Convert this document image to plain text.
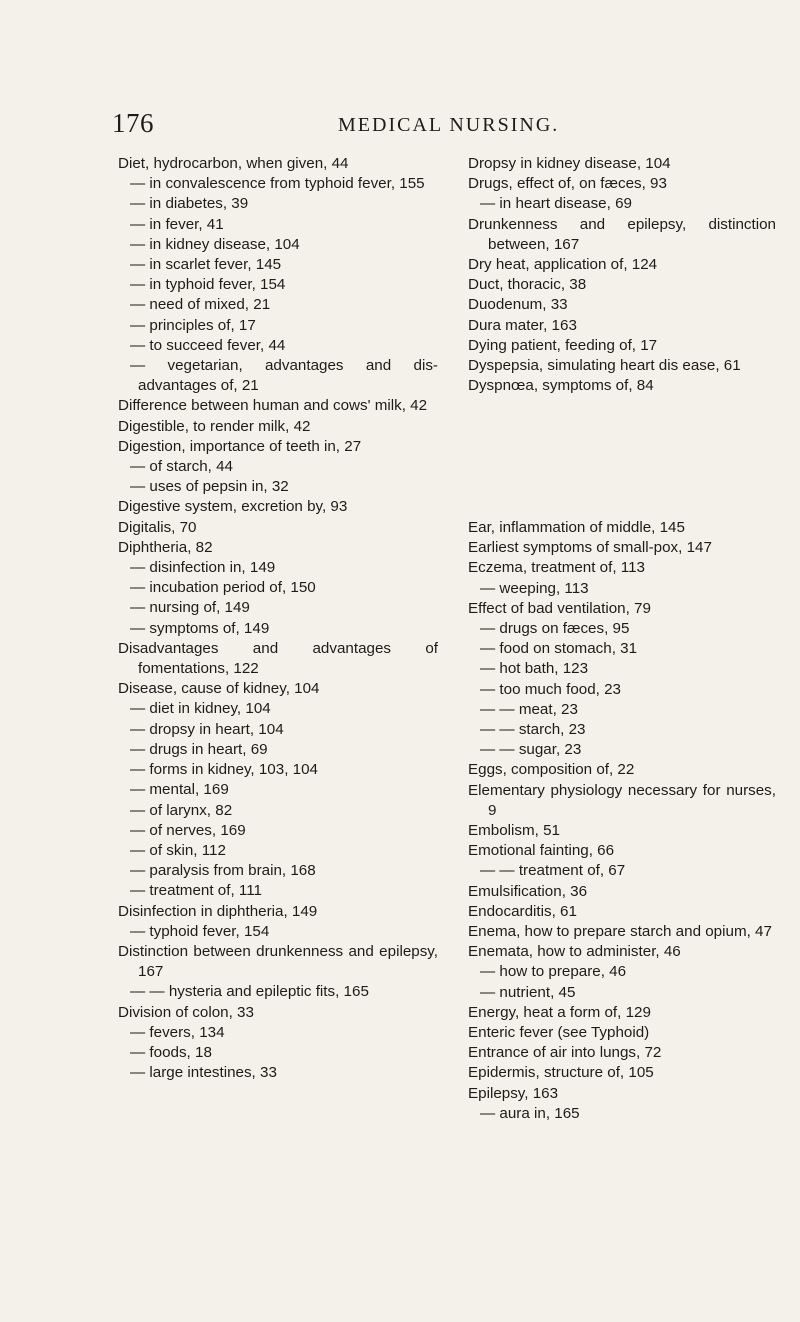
176	MEDICAL NURSING.
Diet, hydrocarbon, when given, 44
— in convalescence from typhoid fever, 155
— in diabetes, 39
— in fever, 41
— in kidney disease, 104
— in scarlet fever, 145
— in typhoid fever, 154
— need of mixed, 21
— principles of, 17
— to succeed fever, 44
— vegetarian, advantages and dis-advantages of, 21
Difference between human and cows' milk, 42
Digestible, to render milk, 42
Digestion, importance of teeth in, 27
— of starch, 44
— uses of pepsin in, 32
Digestive system, excretion by, 93
Digitalis, 70
Diphtheria, 82
— disinfection in, 149
— incubation period of, 150
— nursing of, 149
— symptoms of, 149
Disadvantages and advantages of fomentations, 122
Disease, cause of kidney, 104
— diet in kidney, 104
— dropsy in heart, 104
— drugs in heart, 69
— forms in kidney, 103, 104
— mental, 169
— of larynx, 82
— of nerves, 169
— of skin, 112
— paralysis from brain, 168
— treatment of, 111
Disinfection in diphtheria, 149
— typhoid fever, 154
Distinction between drunkenness and epilepsy, 167
— — hysteria and epileptic fits, 165
Division of colon, 33
— fevers, 134
— foods, 18
— large intestines, 33
Dropsy in kidney disease, 104
Drugs, effect of, on fæces, 93
— in heart disease, 69
Drunkenness and epilepsy, distinction between, 167
Dry heat, application of, 124
Duct, thoracic, 38
Duodenum, 33
Dura mater, 163
Dying patient, feeding of, 17
Dyspepsia, simulating heart dis ease, 61
Dyspnœa, symptoms of, 84
Ear, inflammation of middle, 145
Earliest symptoms of small-pox, 147
Eczema, treatment of, 113
— weeping, 113
Effect of bad ventilation, 79
— drugs on fæces, 95
— food on stomach, 31
— hot bath, 123
— too much food, 23
— — meat, 23
— — starch, 23
— — sugar, 23
Eggs, composition of, 22
Elementary physiology necessary for nurses, 9
Embolism, 51
Emotional fainting, 66
— — treatment of, 67
Emulsification, 36
Endocarditis, 61
Enema, how to prepare starch and opium, 47
Enemata, how to administer, 46
— how to prepare, 46
— nutrient, 45
Energy, heat a form of, 129
Enteric fever (see Typhoid)
Entrance of air into lungs, 72
Epidermis, structure of, 105
Epilepsy, 163
— aura in, 165
